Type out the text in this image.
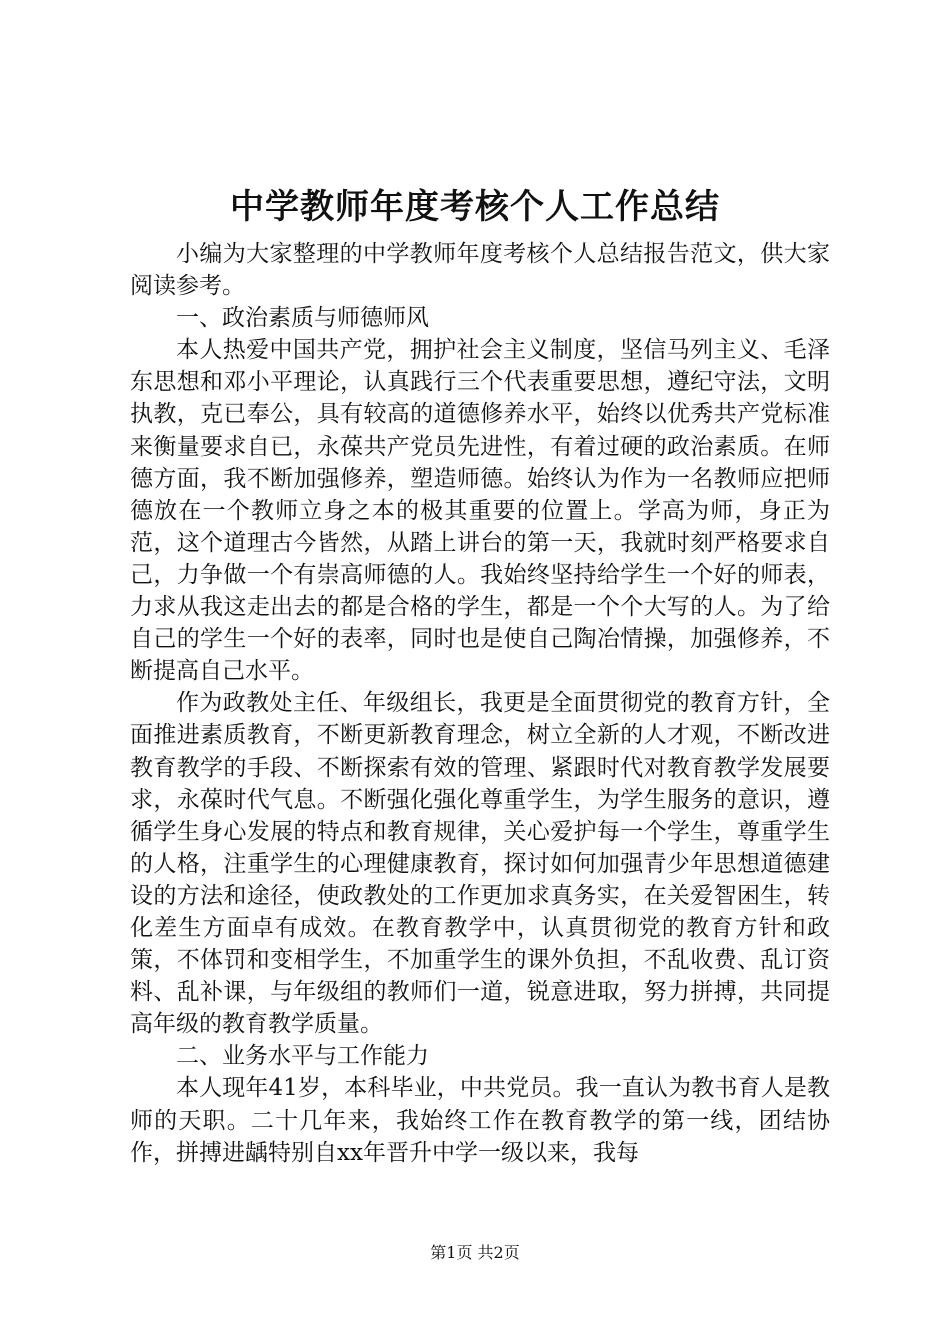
中学教师年度考核个人工作总结

小编为大家整理的中学教师年度考核个人总结报告范文，供大家阅读参考。

一、政治素质与师德师风

本人热爱中国共产党，拥护社会主义制度，坚信马列主义、毛泽东思想和邓小平理论，认真践行三个代表重要思想，遵纪守法，文明执教，克已奉公，具有较高的道德修养水平，始终以优秀共产党标准来衡量要求自已，永葆共产党员先进性，有着过硬的政治素质。在师德方面，我不断加强修养，塑造师德。始终认为作为一名教师应把师德放在一个教师立身之本的极其重要的位置上。学高为师，身正为范，这个道理古今皆然，从踏上讲台的第一天，我就时刻严格要求自己，力争做一个有崇高师德的人。我始终坚持给学生一个好的师表，力求从我这走出去的都是合格的学生，都是一个个大写的人。为了给自己的学生一个好的表率，同时也是使自己陶冶情操，加强修养，不断提高自己水平。

作为政教处主任、年级组长，我更是全面贯彻党的教育方针，全面推进素质教育，不断更新教育理念，树立全新的人才观，不断改进教育教学的手段、不断探索有效的管理、紧跟时代对教育教学发展要求，永葆时代气息。不断强化强化尊重学生，为学生服务的意识，遵循学生身心发展的特点和教育规律，关心爱护每一个学生，尊重学生的人格，注重学生的心理健康教育，探讨如何加强青少年思想道德建设的方法和途径，使政教处的工作更加求真务实，在关爱智困生，转化差生方面卓有成效。在教育教学中，认真贯彻党的教育方针和政策，不体罚和变相学生，不加重学生的课外负担，不乱收费、乱订资料、乱补课，与年级组的教师们一道，锐意进取，努力拼搏，共同提高年级的教育教学质量。

二、业务水平与工作能力

本人现年41岁，本科毕业，中共党员。我一直认为教书育人是教师的天职。二十几年来，我始终工作在教育教学的第一线，团结协作，拼搏进龋特别自xx年晋升中学一级以来，我每

第1页 共2页
